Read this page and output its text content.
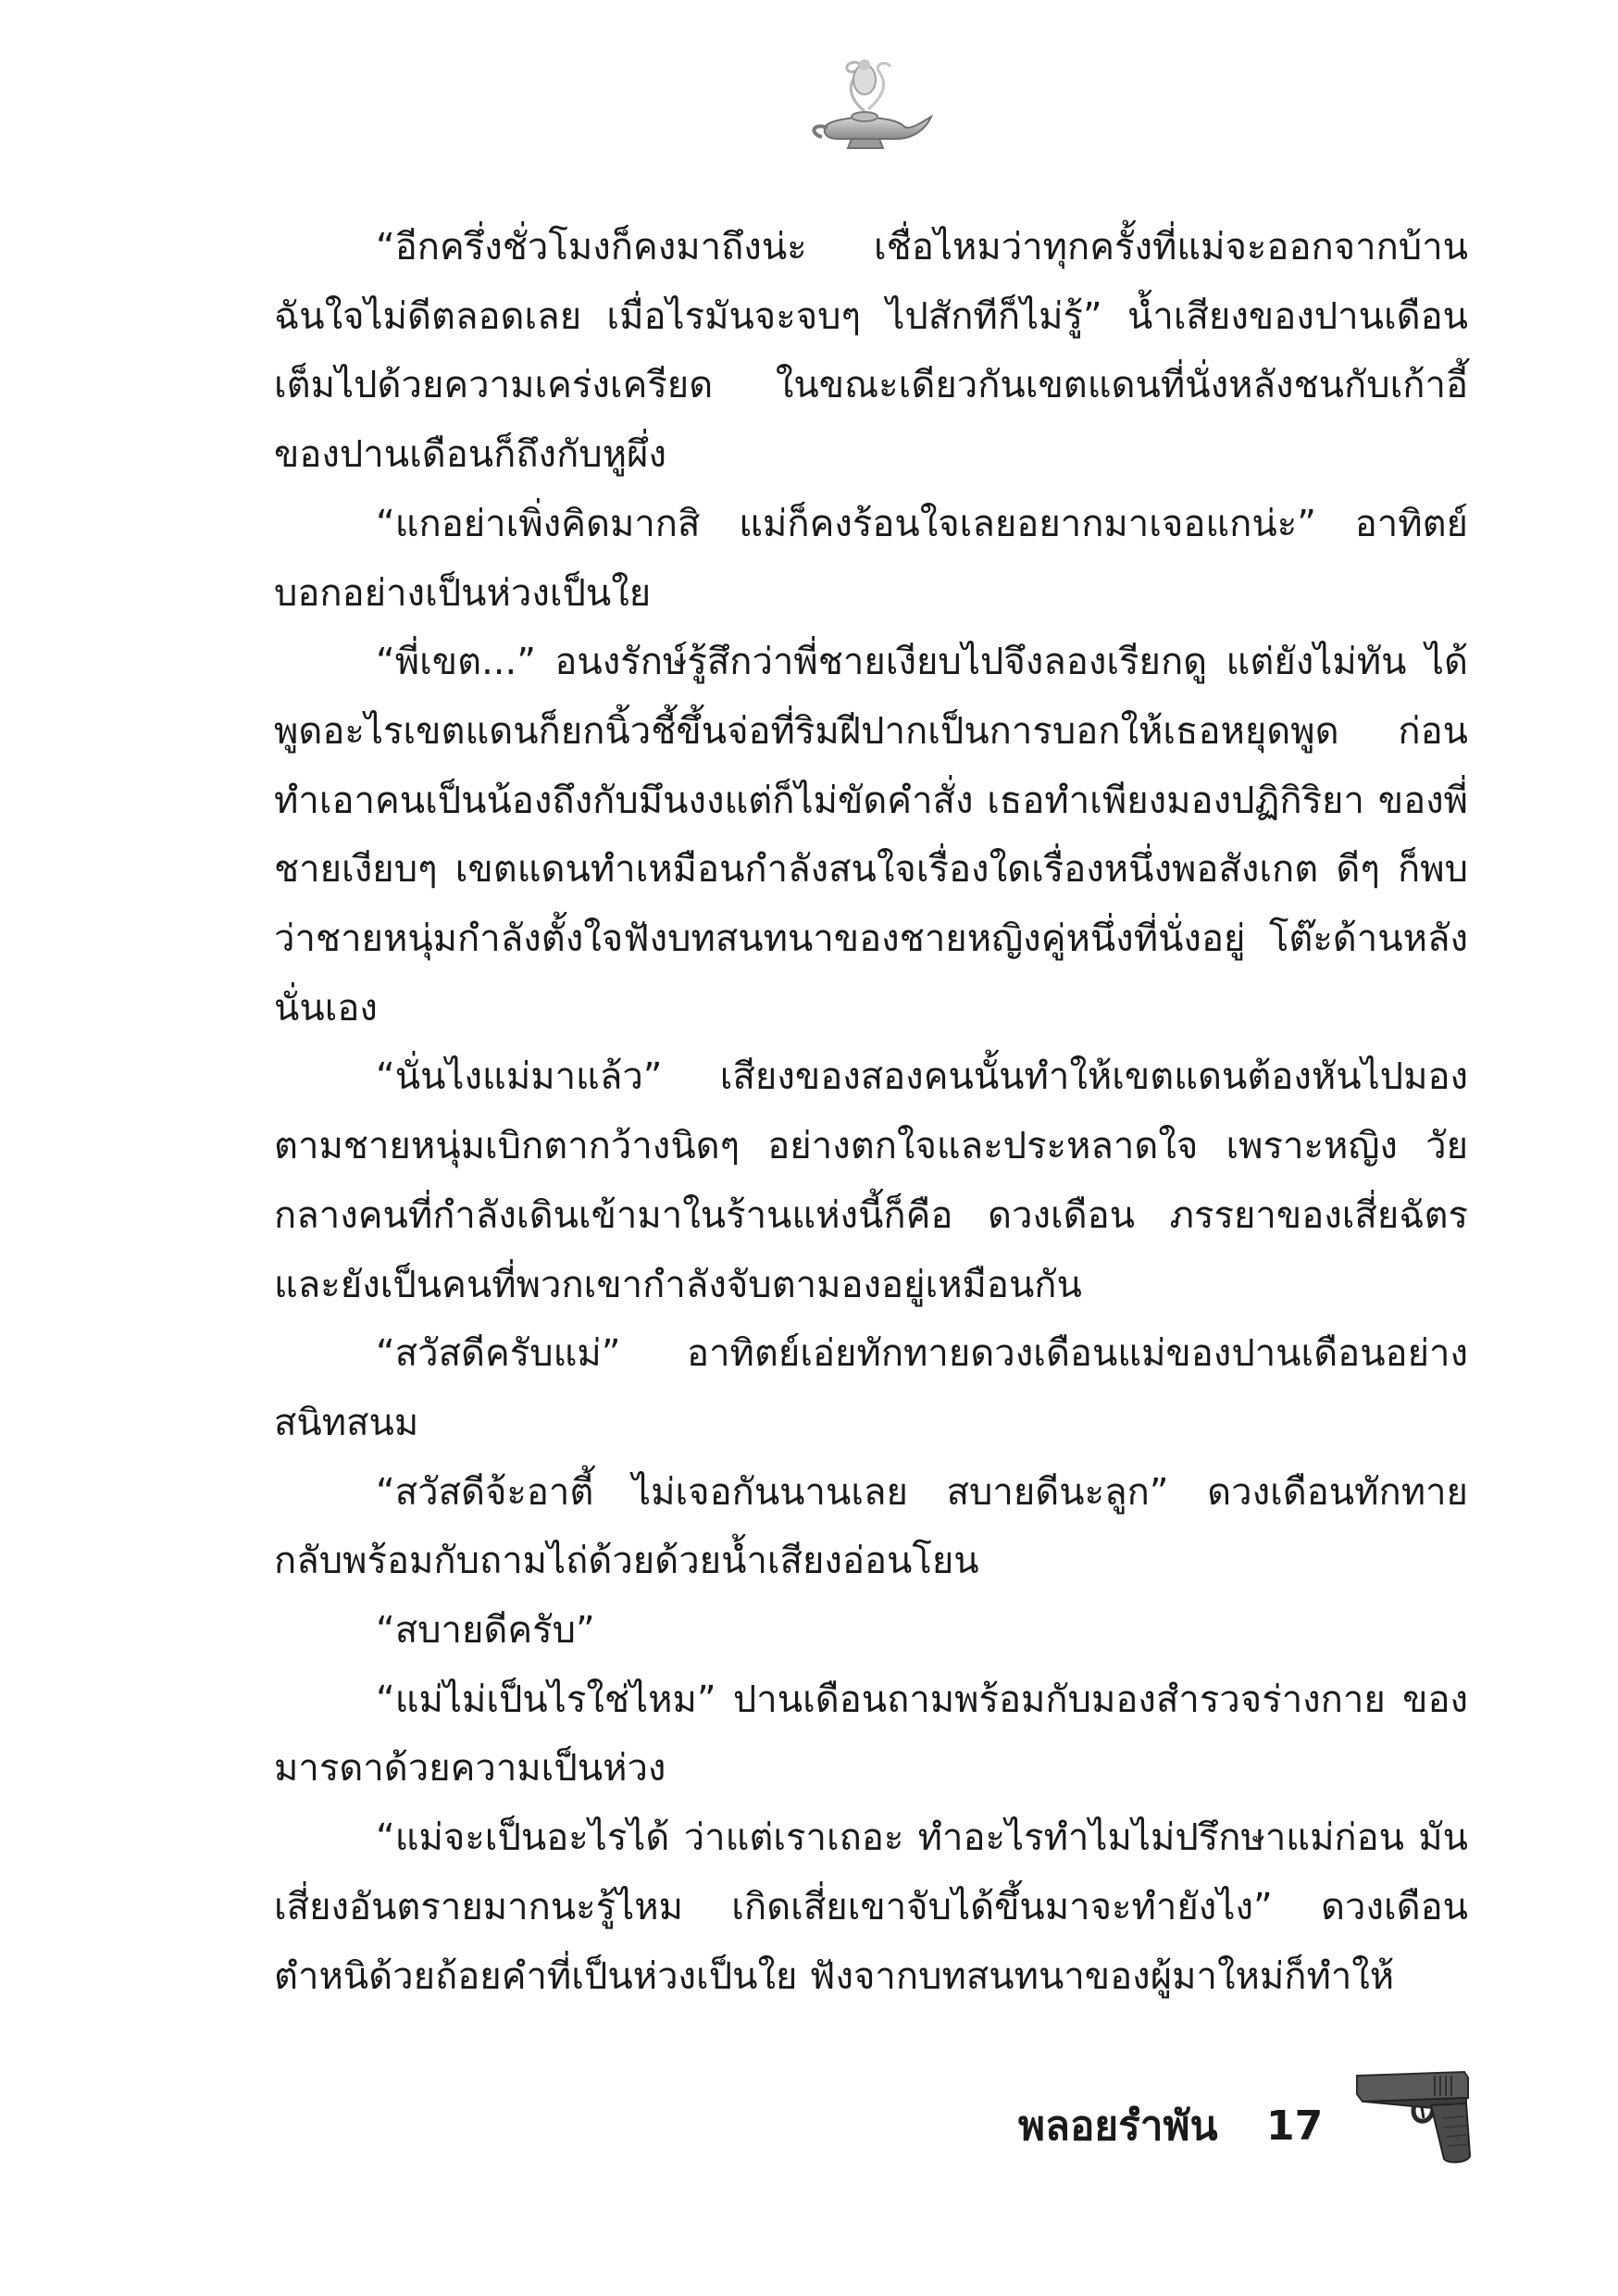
“อีกครึ่งชั่วโมงก็คงมาถึงน่ะ เชื่อไหมว่าทุกครั้งที่แม่จะออกจากบ้าน ฉันใจไม่ดีตลอดเลย เมื่อไรมันจะจบๆ ไปสักทีก็ไม่รู้” น้ำเสียงของปานเดือน เต็มไปด้วยความเคร่งเครียด ในขณะเดียวกันเขตแดนที่นั่งหลังชนกับเก้าอี้ ของปานเดือนก็ถึงกับหูผึ่ง

“แกอย่าเพิ่งคิดมากสิ แม่ก็คงร้อนใจเลยอยากมาเจอแกน่ะ” อาทิตย์ บอกอย่างเป็นห่วงเป็นใย

“พี่เขต...” อนงรักษ์รู้สึกว่าพี่ชายเงียบไปจึงลองเรียกดู แต่ยังไม่ทัน ได้พูดอะไรเขตแดนก็ยกนิ้วชี้ขึ้นจ่อที่ริมฝีปากเป็นการบอกให้เธอหยุดพูด ก่อนทำเอาคนเป็นน้องถึงกับมึนงงแต่ก็ไม่ขัดคำสั่ง เธอทำเพียงมองปฏิกิริยา ของพี่ชายเงียบๆ เขตแดนทำเหมือนกำลังสนใจเรื่องใดเรื่องหนึ่งพอสังเกต ดีๆ ก็พบว่าชายหนุ่มกำลังตั้งใจฟังบทสนทนาของชายหญิงคู่หนึ่งที่นั่งอยู่ โต๊ะด้านหลังนั่นเอง

“นั่นไงแม่มาแล้ว” เสียงของสองคนนั้นทำให้เขตแดนต้องหันไปมอง ตามชายหนุ่มเบิกตากว้างนิดๆ อย่างตกใจและประหลาดใจ เพราะหญิง วัยกลางคนที่กำลังเดินเข้ามาในร้านแห่งนี้ก็คือ ดวงเดือน ภรรยาของเสี่ยฉัตร และยังเป็นคนที่พวกเขากำลังจับตามองอยู่เหมือนกัน

“สวัสดีครับแม่” อาทิตย์เอ่ยทักทายดวงเดือนแม่ของปานเดือนอย่าง สนิทสนม

“สวัสดีจ้ะอาตี้ ไม่เจอกันนานเลย สบายดีนะลูก” ดวงเดือนทักทาย กลับพร้อมกับถามไถ่ด้วยด้วยน้ำเสียงอ่อนโยน

“สบายดีครับ”

“แม่ไม่เป็นไรใช่ไหม” ปานเดือนถามพร้อมกับมองสำรวจร่างกาย ของมารดาด้วยความเป็นห่วง

“แม่จะเป็นอะไรได้ ว่าแต่เราเถอะ ทำอะไรทำไมไม่ปรึกษาแม่ก่อน มันเสี่ยงอันตรายมากนะรู้ไหม เกิดเสี่ยเขาจับได้ขึ้นมาจะทำยังไง” ดวงเดือน ตำหนิด้วยถ้อยคำที่เป็นห่วงเป็นใย ฟังจากบทสนทนาของผู้มาใหม่ก็ทำให้

พลอยรำพัน 17
